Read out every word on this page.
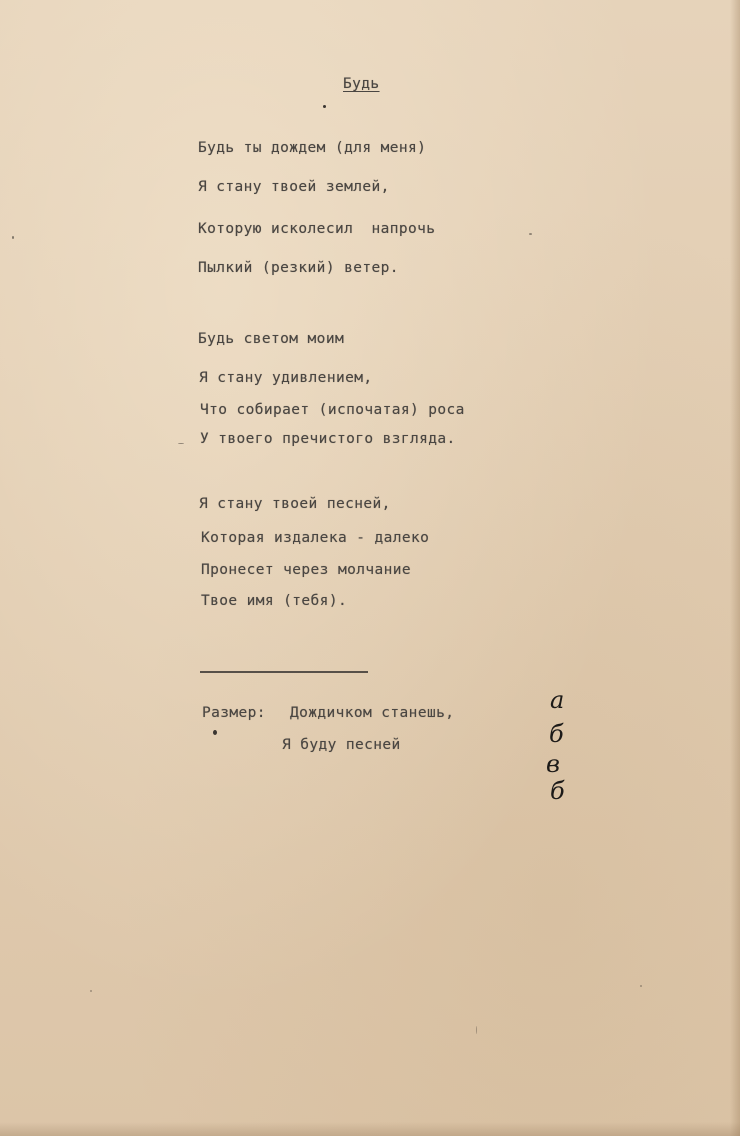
Будь
Будь ты дождем (для меня)
Я стану твоей землей,
Которую исколесил  напрочь
Пылкий (резкий) ветер.
Будь светом моим
Я стану удивлением,
Что собирает (испочатая) роса
У твоего пречистого взгляда.
Я стану твоей песней,
Которая издалека - далеко
Пронесет через молчание
Твое имя (тебя).
Размер: Дождичком станешь,
Я буду песней
а
б
в
б
